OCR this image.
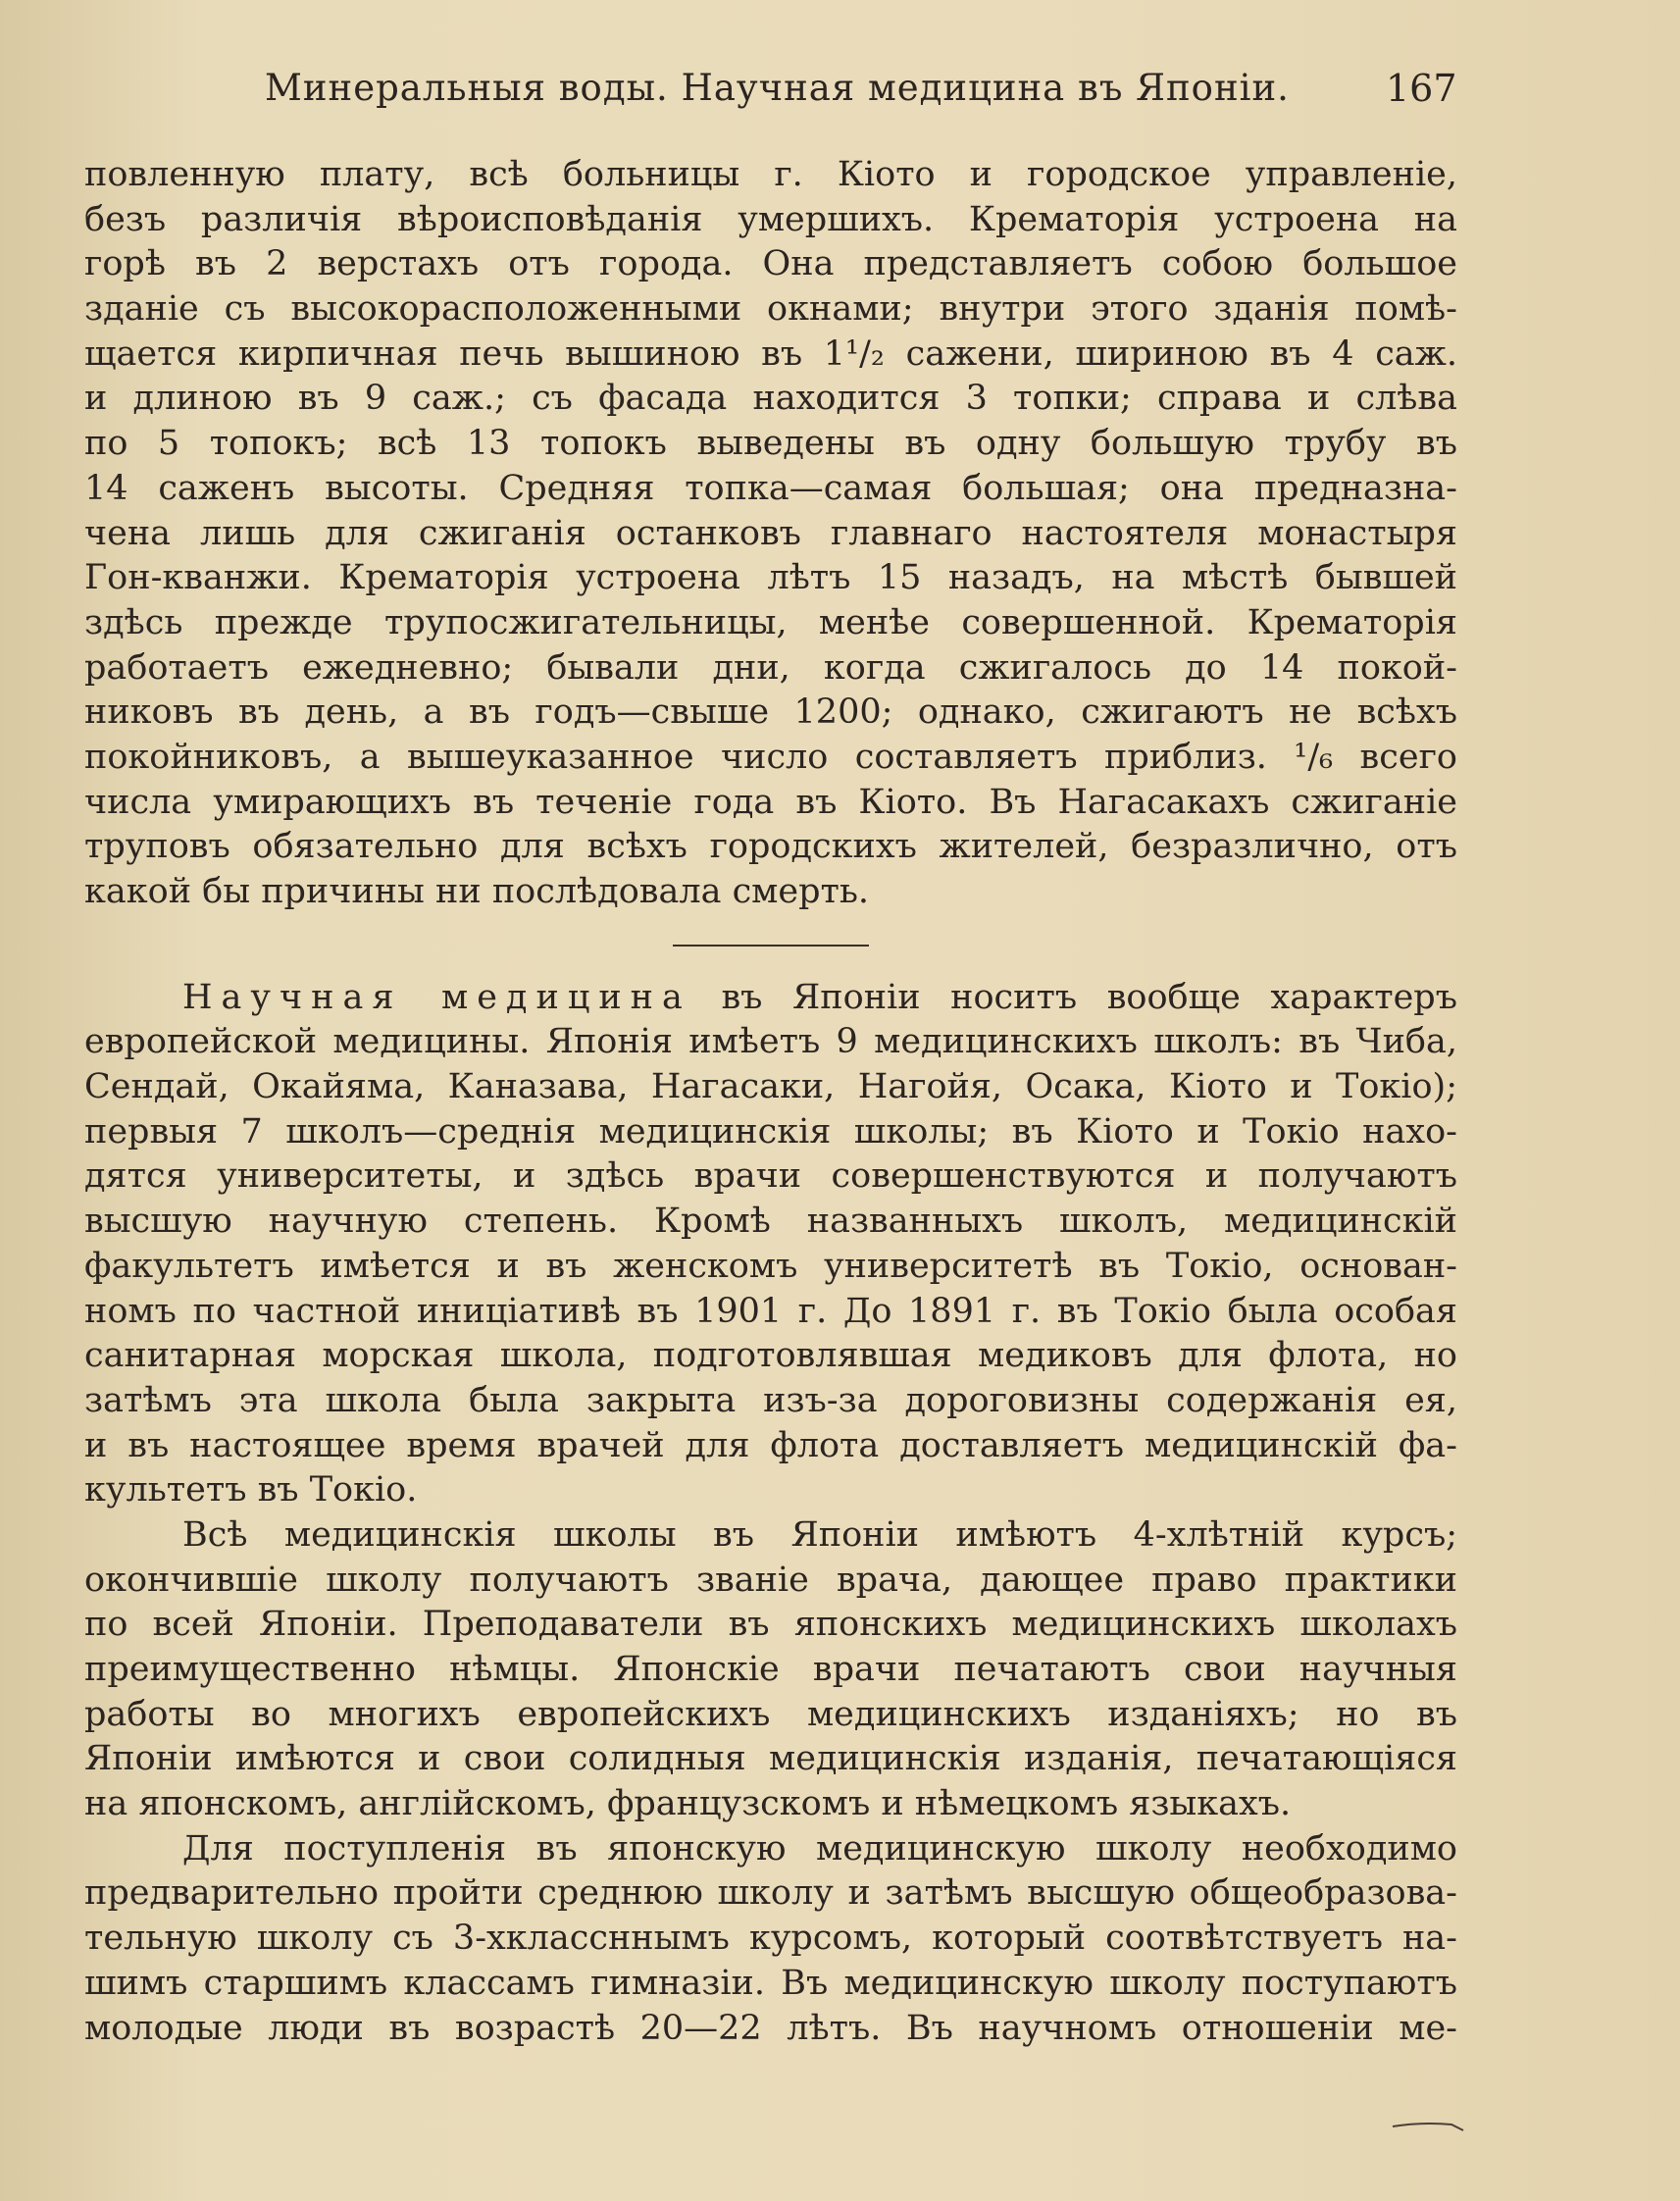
Минеральныя воды. Научная медицина въ Японіи.	167
повленную плату, всѣ больницы г. Кіото и городское управленіе,
безъ различія вѣроисповѣданія умершихъ. Крематорія устроена на
горѣ въ 2 верстахъ отъ города. Она представляетъ собою большое
зданіе съ высокорасположенными окнами; внутри этого зданія помѣ-
щается кирпичная печь вышиною въ 1¹/₂ сажени, шириною въ 4 саж.
и длиною въ 9 саж.; съ фасада находится 3 топки; справа и слѣва
по 5 топокъ; всѣ 13 топокъ выведены въ одну большую трубу въ
14 саженъ высоты. Средняя топка—самая большая; она предназна-
чена лишь для сжиганія останковъ главнаго настоятеля монастыря
Гон-кванжи. Крематорія устроена лѣтъ 15 назадъ, на мѣстѣ бывшей
здѣсь прежде трупосжигательницы, менѣе совершенной. Крематорія
работаетъ ежедневно; бывали дни, когда сжигалось до 14 покой-
никовъ въ день, а въ годъ—свыше 1200; однако, сжигаютъ не всѣхъ
покойниковъ, а вышеуказанное число составляетъ приблиз. ¹/₆ всего
числа умирающихъ въ теченіе года въ Кіото. Въ Нагасакахъ сжиганіе
труповъ обязательно для всѣхъ городскихъ жителей, безразлично, отъ
какой бы причины ни послѣдовала смерть.
Научная медицина въ Японіи носитъ вообще характеръ
европейской медицины. Японія имѣетъ 9 медицинскихъ школъ: въ Чиба,
Сендай, Окайяма, Каназава, Нагасаки, Нагойя, Осака, Кіото и Токіо);
первыя 7 школъ—среднія медицинскія школы; въ Кіото и Токіо нахо-
дятся университеты, и здѣсь врачи совершенствуются и получаютъ
высшую научную степень. Кромѣ названныхъ школъ, медицинскій
факультетъ имѣется и въ женскомъ университетѣ въ Токіо, основан-
номъ по частной иниціативѣ въ 1901 г. До 1891 г. въ Токіо была особая
санитарная морская школа, подготовлявшая медиковъ для флота, но
затѣмъ эта школа была закрыта изъ-за дороговизны содержанія ея,
и въ настоящее время врачей для флота доставляетъ медицинскій фа-
культетъ въ Токіо.
Всѣ медицинскія школы въ Японіи имѣютъ 4-хлѣтній курсъ;
окончившіе школу получаютъ званіе врача, дающее право практики
по всей Японіи. Преподаватели въ японскихъ медицинскихъ школахъ
преимущественно нѣмцы. Японскіе врачи печатаютъ свои научныя
работы во многихъ европейскихъ медицинскихъ изданіяхъ; но въ
Японіи имѣются и свои солидныя медицинскія изданія, печатающіяся
на японскомъ, англійскомъ, французскомъ и нѣмецкомъ языкахъ.
Для поступленія въ японскую медицинскую школу необходимо
предварительно пройти среднюю школу и затѣмъ высшую общеобразова-
тельную школу съ 3-хклассннымъ курсомъ, который соотвѣтствуетъ на-
шимъ старшимъ классамъ гимназіи. Въ медицинскую школу поступаютъ
молодые люди въ возрастѣ 20—22 лѣтъ. Въ научномъ отношеніи ме-
